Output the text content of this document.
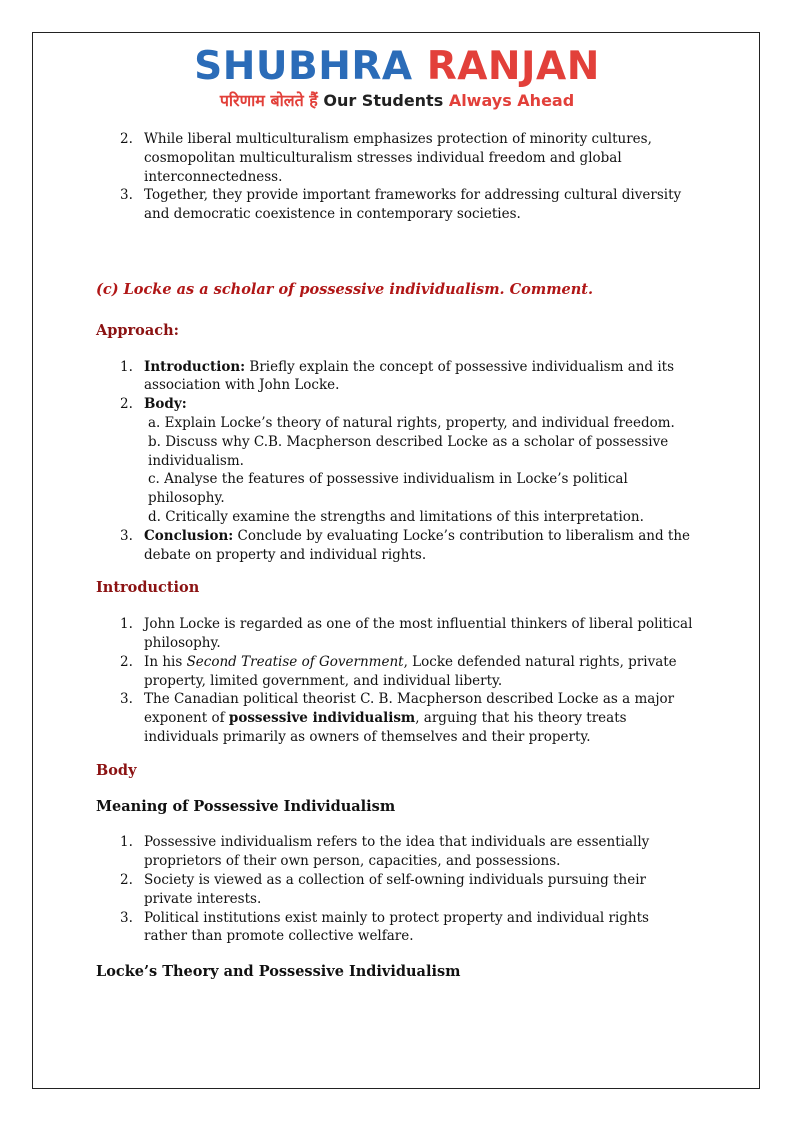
SHUBHRA RANJAN
परिणाम बोलते हैं Our Students Always Ahead
2. While liberal multiculturalism emphasizes protection of minority cultures, cosmopolitan multiculturalism stresses individual freedom and global interconnectedness.
3. Together, they provide important frameworks for addressing cultural diversity and democratic coexistence in contemporary societies.
(c) Locke as a scholar of possessive individualism. Comment.
Approach:
1. Introduction: Briefly explain the concept of possessive individualism and its association with John Locke.
2. Body:
a. Explain Locke’s theory of natural rights, property, and individual freedom.
b. Discuss why C.B. Macpherson described Locke as a scholar of possessive individualism.
c. Analyse the features of possessive individualism in Locke’s political philosophy.
d. Critically examine the strengths and limitations of this interpretation.
3. Conclusion: Conclude by evaluating Locke’s contribution to liberalism and the debate on property and individual rights.
Introduction
1. John Locke is regarded as one of the most influential thinkers of liberal political philosophy.
2. In his Second Treatise of Government, Locke defended natural rights, private property, limited government, and individual liberty.
3. The Canadian political theorist C. B. Macpherson described Locke as a major exponent of possessive individualism, arguing that his theory treats individuals primarily as owners of themselves and their property.
Body
Meaning of Possessive Individualism
1. Possessive individualism refers to the idea that individuals are essentially proprietors of their own person, capacities, and possessions.
2. Society is viewed as a collection of self-owning individuals pursuing their private interests.
3. Political institutions exist mainly to protect property and individual rights rather than promote collective welfare.
Locke’s Theory and Possessive Individualism
